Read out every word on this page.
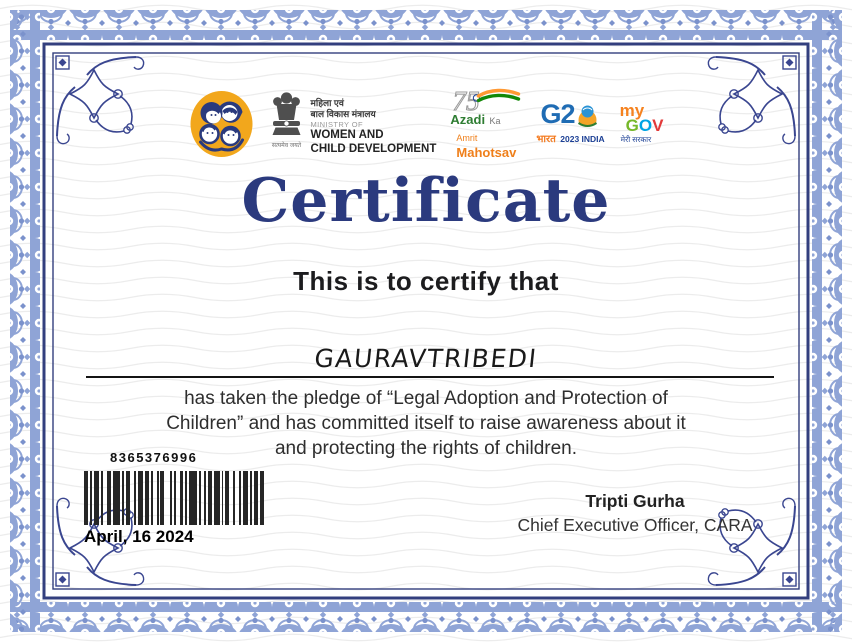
सत्यमेव जयते
महिला एवं
बाल विकास मंत्रालय
MINISTRY OF
WOMEN AND
CHILD DEVELOPMENT
75
Azadi Ka
Amrit Mahotsav
G2
भारत 2023 INDIA
my
GOV
मेरी सरकार
Certificate
This is to certify that
GAURAVTRIBEDI
has taken the pledge of “Legal Adoption and Protection of
Children” and has committed itself to raise awareness about it
and protecting the rights of children.
8365376996
April, 16 2024
Tripti Gurha
Chief Executive Officer, CARA
